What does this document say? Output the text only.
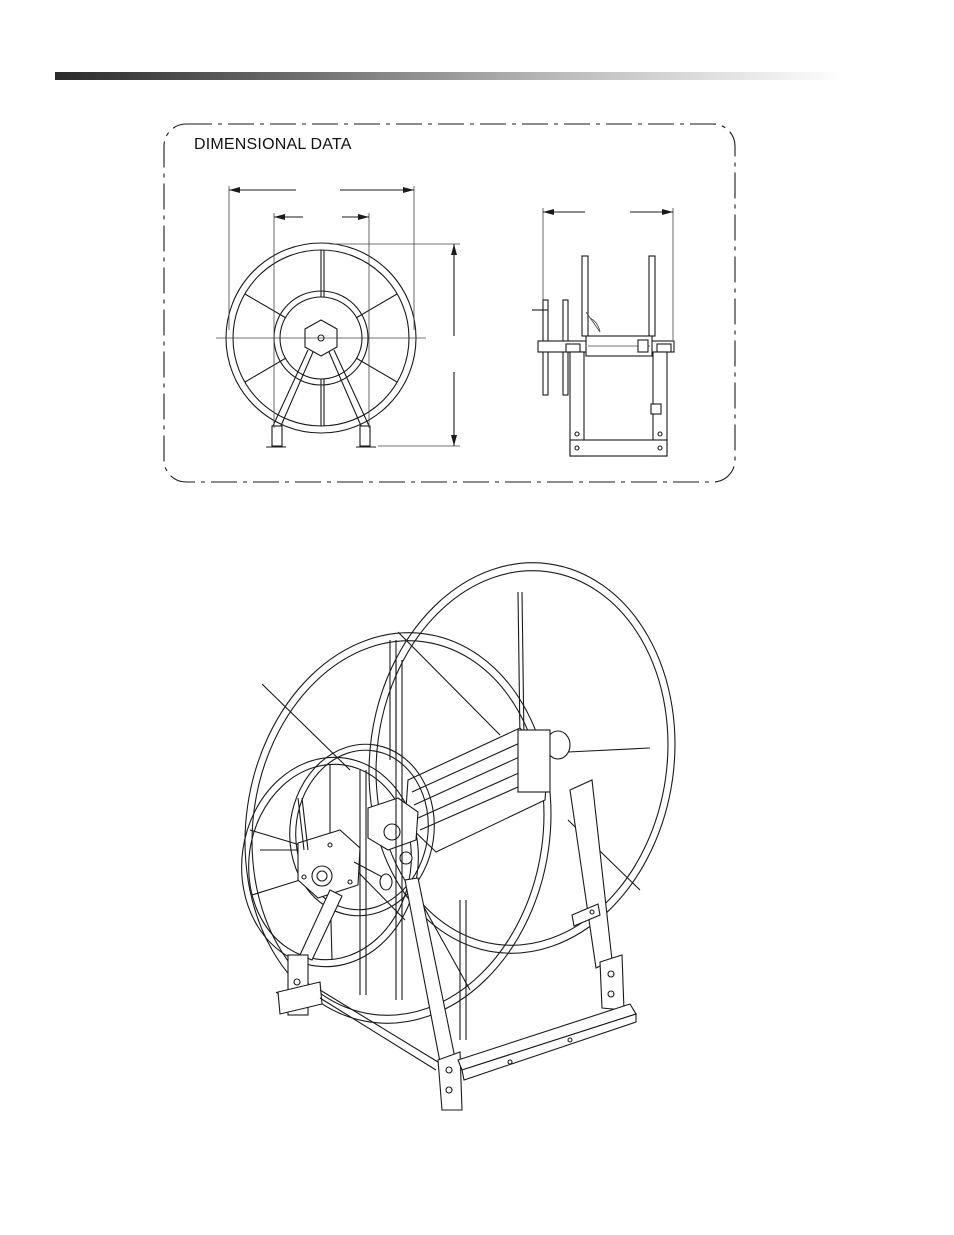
DIMENSIONAL DATA
